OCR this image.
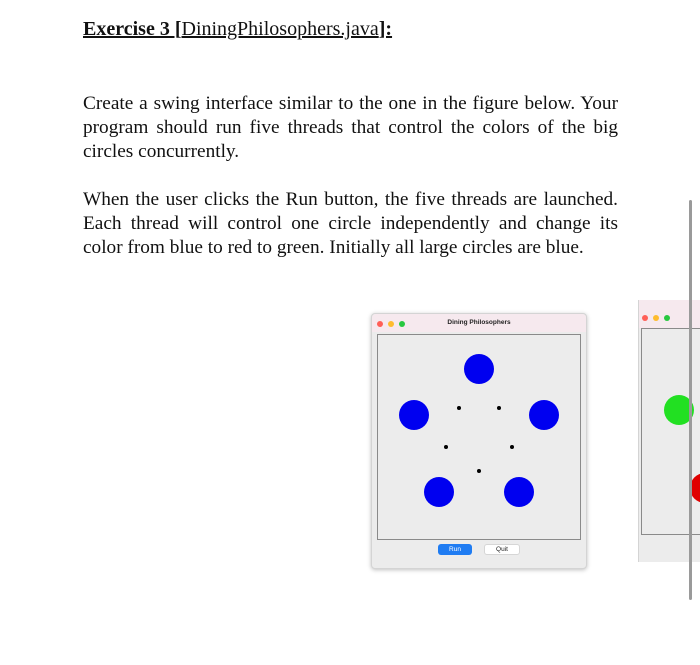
Exercise 3 [DiningPhilosophers.java]:

Create a swing interface similar to the one in the figure below. Your program should run five threads that control the colors of the big circles concurrently.

When the user clicks the Run button, the five threads are launched. Each thread will control one circle independently and change its color from blue to red to green. Initially all large circles are blue.

Dining Philosophers
Run	Quit
